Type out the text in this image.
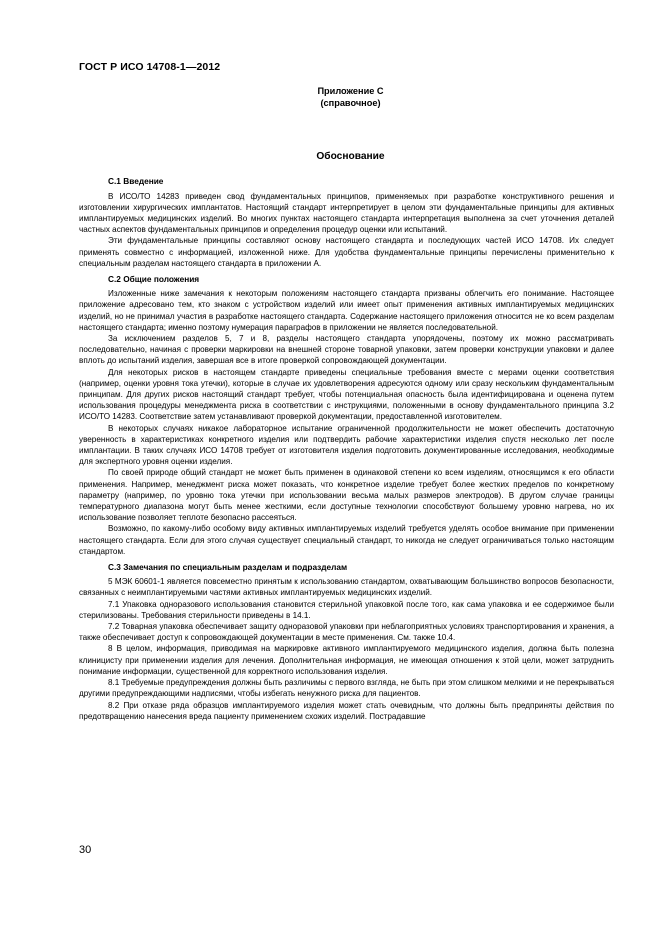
ГОСТ Р ИСО 14708-1—2012
Приложение С
(справочное)
Обоснование
С.1 Введение

В ИСО/ТО 14283 приведен свод фундаментальных принципов, применяемых при разработке конструктивного решения и изготовлении хирургических имплантатов. Настоящий стандарт интерпретирует в целом эти фундаментальные принципы для активных имплантируемых медицинских изделий. Во многих пунктах настоящего стандарта интерпретация выполнена за счет уточнения деталей частных аспектов фундаментальных принципов и определения процедур оценки или испытаний.

Эти фундаментальные принципы составляют основу настоящего стандарта и последующих частей ИСО 14708. Их следует применять совместно с информацией, изложенной ниже. Для удобства фундаментальные принципы перечислены применительно к специальным разделам настоящего стандарта в приложении А.

С.2 Общие положения

Изложенные ниже замечания к некоторым положениям настоящего стандарта призваны облегчить его понимание. Настоящее приложение адресовано тем, кто знаком с устройством изделий или имеет опыт применения активных имплантируемых медицинских изделий, но не принимал участия в разработке настоящего стандарта. Содержание настоящего приложения относится не ко всем разделам настоящего стандарта; именно поэтому нумерация параграфов в приложении не является последовательной.

За исключением разделов 5, 7 и 8, разделы настоящего стандарта упорядочены, поэтому их можно рассматривать последовательно, начиная с проверки маркировки на внешней стороне товарной упаковки, затем проверки конструкции упаковки и далее вплоть до испытаний изделия, завершая все в итоге проверкой сопровождающей документации.

Для некоторых рисков в настоящем стандарте приведены специальные требования вместе с мерами оценки соответствия (например, оценки уровня тока утечки), которые в случае их удовлетворения адресуются одному или сразу нескольким фундаментальным принципам. Для других рисков настоящий стандарт требует, чтобы потенциальная опасность была идентифицирована и оценена путем использования процедуры менеджмента риска в соответствии с инструкциями, положенными в основу фундаментального принципа 3.2 ИСО/ТО 14283. Соответствие затем устанавливают проверкой документации, предоставленной изготовителем.

В некоторых случаях никакое лабораторное испытание ограниченной продолжительности не может обеспечить достаточную уверенность в характеристиках конкретного изделия или подтвердить рабочие характеристики изделия спустя несколько лет после имплантации. В таких случаях ИСО 14708 требует от изготовителя изделия подготовить документированные исследования, необходимые для экспертного уровня оценки изделия.

По своей природе общий стандарт не может быть применен в одинаковой степени ко всем изделиям, относящимся к его области применения. Например, менеджмент риска может показать, что конкретное изделие требует более жестких пределов по конкретному параметру (например, по уровню тока утечки при использовании весьма малых размеров электродов). В другом случае границы температурного диапазона могут быть менее жесткими, если доступные технологии способствуют большему уровню нагрева, но их использование позволяет теплоте безопасно рассеяться.

Возможно, по какому-либо особому виду активных имплантируемых изделий требуется уделять особое внимание при применении настоящего стандарта. Если для этого случая существует специальный стандарт, то никогда не следует ограничиваться только настоящим стандартом.

С.3 Замечания по специальным разделам и подразделам

5 МЭК 60601-1 является повсеместно принятым к использованию стандартом, охватывающим большинство вопросов безопасности, связанных с неимплантируемыми частями активных имплантируемых медицинских изделий.

7.1 Упаковка одноразового использования становится стерильной упаковкой после того, как сама упаковка и ее содержимое были стерилизованы. Требования стерильности приведены в 14.1.

7.2 Товарная упаковка обеспечивает защиту одноразовой упаковки при неблагоприятных условиях транспортирования и хранения, а также обеспечивает доступ к сопровождающей документации в месте применения. См. также 10.4.

8 В целом, информация, приводимая на маркировке активного имплантируемого медицинского изделия, должна быть полезна клиницисту при применении изделия для лечения. Дополнительная информация, не имеющая отношения к этой цели, может затруднить понимание информации, существенной для корректного использования изделия.

8.1 Требуемые предупреждения должны быть различимы с первого взгляда, не быть при этом слишком мелкими и не перекрываться другими предупреждающими надписями, чтобы избегать ненужного риска для пациентов.

8.2 При отказе ряда образцов имплантируемого изделия может стать очевидным, что должны быть предприняты действия по предотвращению нанесения вреда пациенту применением схожих изделий. Пострадавшие

30
